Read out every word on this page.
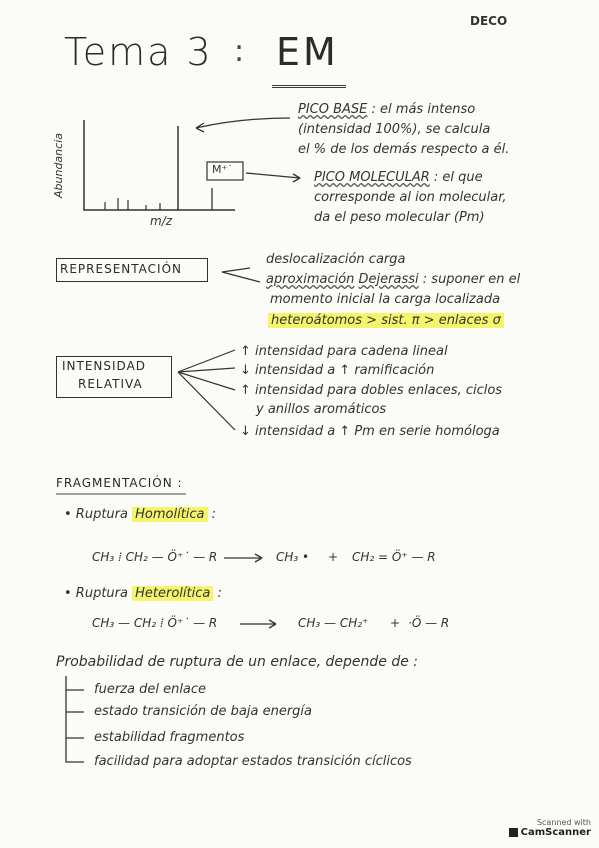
DECO
Tema 3 : EM
Abundancia
m/z
M⁺˙
PICO BASE : el más intenso
(intensidad 100%), se calcula
el % de los demás respecto a él.
PICO MOLECULAR : el que
corresponde al ion molecular,
da el peso molecular (Pm)
REPRESENTACIÓN
deslocalización carga
aproximación Dejerassi : suponer en el
momento inicial la carga localizada
heteroátomos > sist. π > enlaces σ
INTENSIDAD
RELATIVA
↑ intensidad para cadena lineal
↓ intensidad a ↑ ramificación
↑ intensidad para dobles enlaces, ciclos
y anillos aromáticos
↓ intensidad a ↑ Pm en serie homóloga
FRAGMENTACIÓN :
• Ruptura Homolítica :
CH₃ ⁞ CH₂ — Ö⁺˙ — R	CH₃ • + CH₂ = Ö⁺ — R
• Ruptura Heterolítica :
CH₃ — CH₂ ⁞ Ö⁺˙ — R	CH₃ — CH₂⁺ + ·Ö — R
Probabilidad de ruptura de un enlace, depende de :
fuerza del enlace
estado transición de baja energía
estabilidad fragmentos
facilidad para adoptar estados transición cíclicos
Scanned with
CamScanner
